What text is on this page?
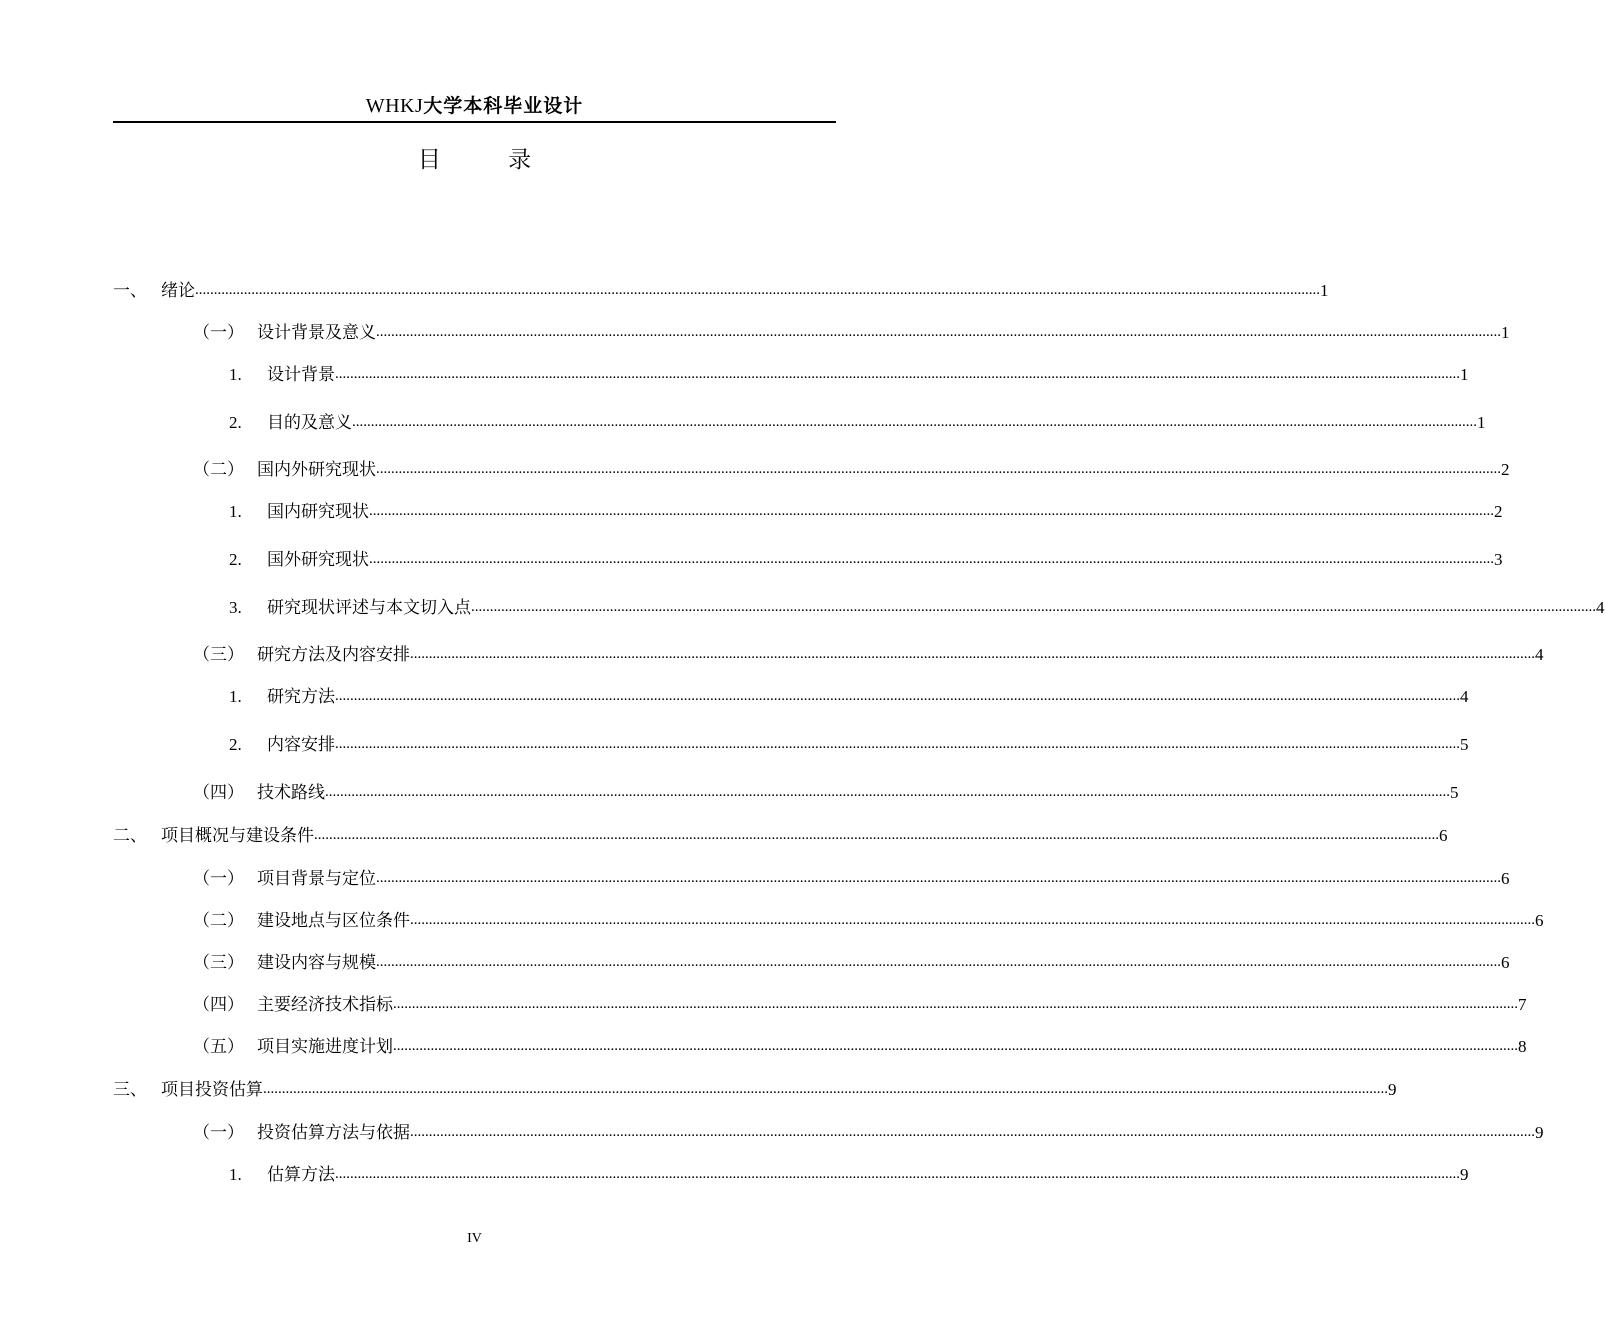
WHKJ大学本科毕业设计
目 录
一、 绪论 ............................................................................................................................................................................................................................................................................................................ 1
（一） 设计背景及意义 ............................................................................................................................................................................................................................................................................................................ 1
1.	设计背景 ............................................................................................................................................................................................................................................................................................................ 1
2.	目的及意义 ............................................................................................................................................................................................................................................................................................................ 1
（二） 国内外研究现状 ............................................................................................................................................................................................................................................................................................................ 2
1.	国内研究现状 ............................................................................................................................................................................................................................................................................................................ 2
2.	国外研究现状 ............................................................................................................................................................................................................................................................................................................ 3
3.	研究现状评述与本文切入点 ............................................................................................................................................................................................................................................................................................................ 4
（三） 研究方法及内容安排 ............................................................................................................................................................................................................................................................................................................ 4
1.	研究方法 ............................................................................................................................................................................................................................................................................................................ 4
2.	内容安排 ............................................................................................................................................................................................................................................................................................................ 5
（四） 技术路线 ............................................................................................................................................................................................................................................................................................................ 5
二、 项目概况与建设条件 ............................................................................................................................................................................................................................................................................................................ 6
（一） 项目背景与定位 ............................................................................................................................................................................................................................................................................................................ 6
（二） 建设地点与区位条件 ............................................................................................................................................................................................................................................................................................................ 6
（三） 建设内容与规模 ............................................................................................................................................................................................................................................................................................................ 6
（四） 主要经济技术指标 ............................................................................................................................................................................................................................................................................................................ 7
（五） 项目实施进度计划 ............................................................................................................................................................................................................................................................................................................ 8
三、 项目投资估算 ............................................................................................................................................................................................................................................................................................................ 9
（一） 投资估算方法与依据 ............................................................................................................................................................................................................................................................................................................ 9
1.	估算方法 ............................................................................................................................................................................................................................................................................................................ 9
IV
